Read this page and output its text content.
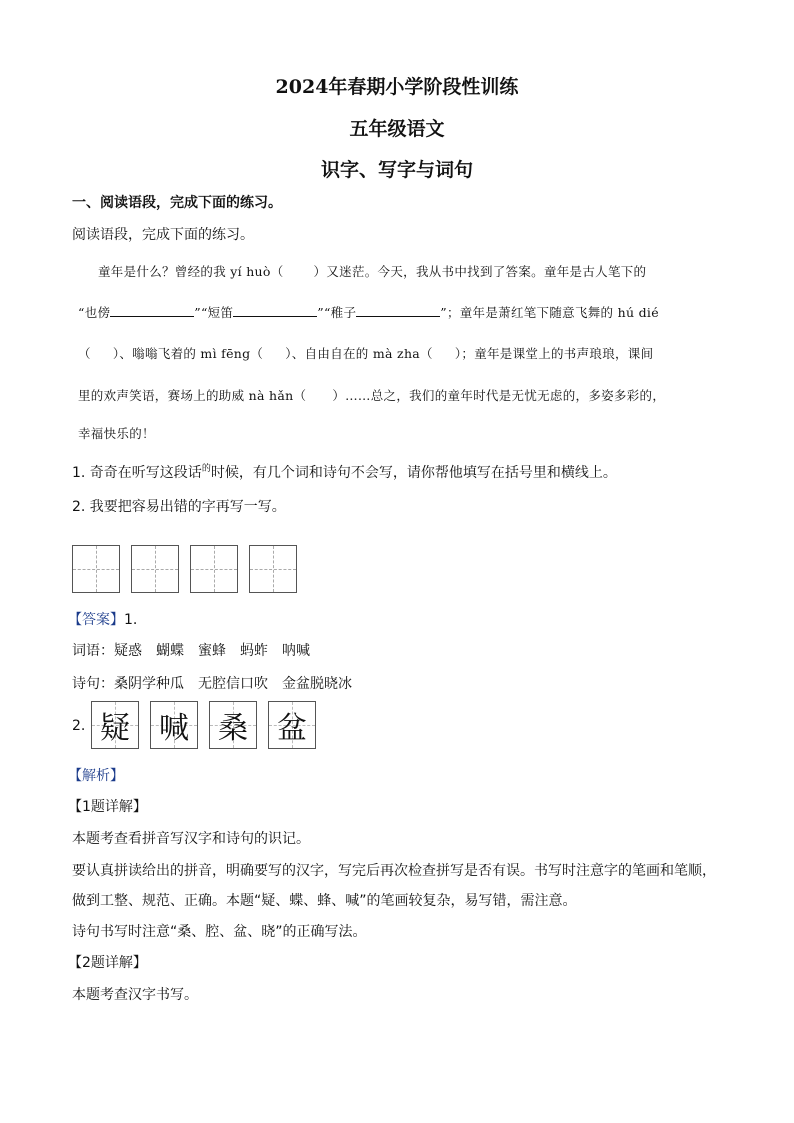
2024年春期小学阶段性训练
五年级语文
识字、写字与词句
一、阅读语段，完成下面的练习。
阅读语段，完成下面的练习。
童年是什么？曾经的我 yí huò（ ）又迷茫。今天，我从书中找到了答案。童年是古人笔下的
“也傍	”“短笛	”“稚子	”；童年是萧红笔下随意飞舞的 hú dié
（ ）、嗡嗡飞着的 mì fēng（ ）、自由自在的 mà zha（ ）；童年是课堂上的书声琅琅，课间
里的欢声笑语，赛场上的助威 nà hǎn（ ）……总之，我们的童年时代是无忧无虑的，多姿多彩的，
幸福快乐的！
1. 奇奇在听写这段话$^的$时候，有几个词和诗句不会写，请你帮他填写在括号里和横线上。
2. 我要把容易出错的字再写一写。
【答案】1.
词语：疑惑 蝴蝶 蜜蜂 蚂蚱 呐喊
诗句：桑阴学种瓜 无腔信口吹 金盆脱晓冰
2. 疑 喊 桑 盆
【解析】
【1题详解】
本题考查看拼音写汉字和诗句的识记。
要认真拼读给出的拼音，明确要写的汉字，写完后再次检查拼写是否有误。书写时注意字的笔画和笔顺，
做到工整、规范、正确。本题“疑、蝶、蜂、喊”的笔画较复杂，易写错，需注意。
诗句书写时注意“桑、腔、盆、晓”的正确写法。
【2题详解】
本题考查汉字书写。
